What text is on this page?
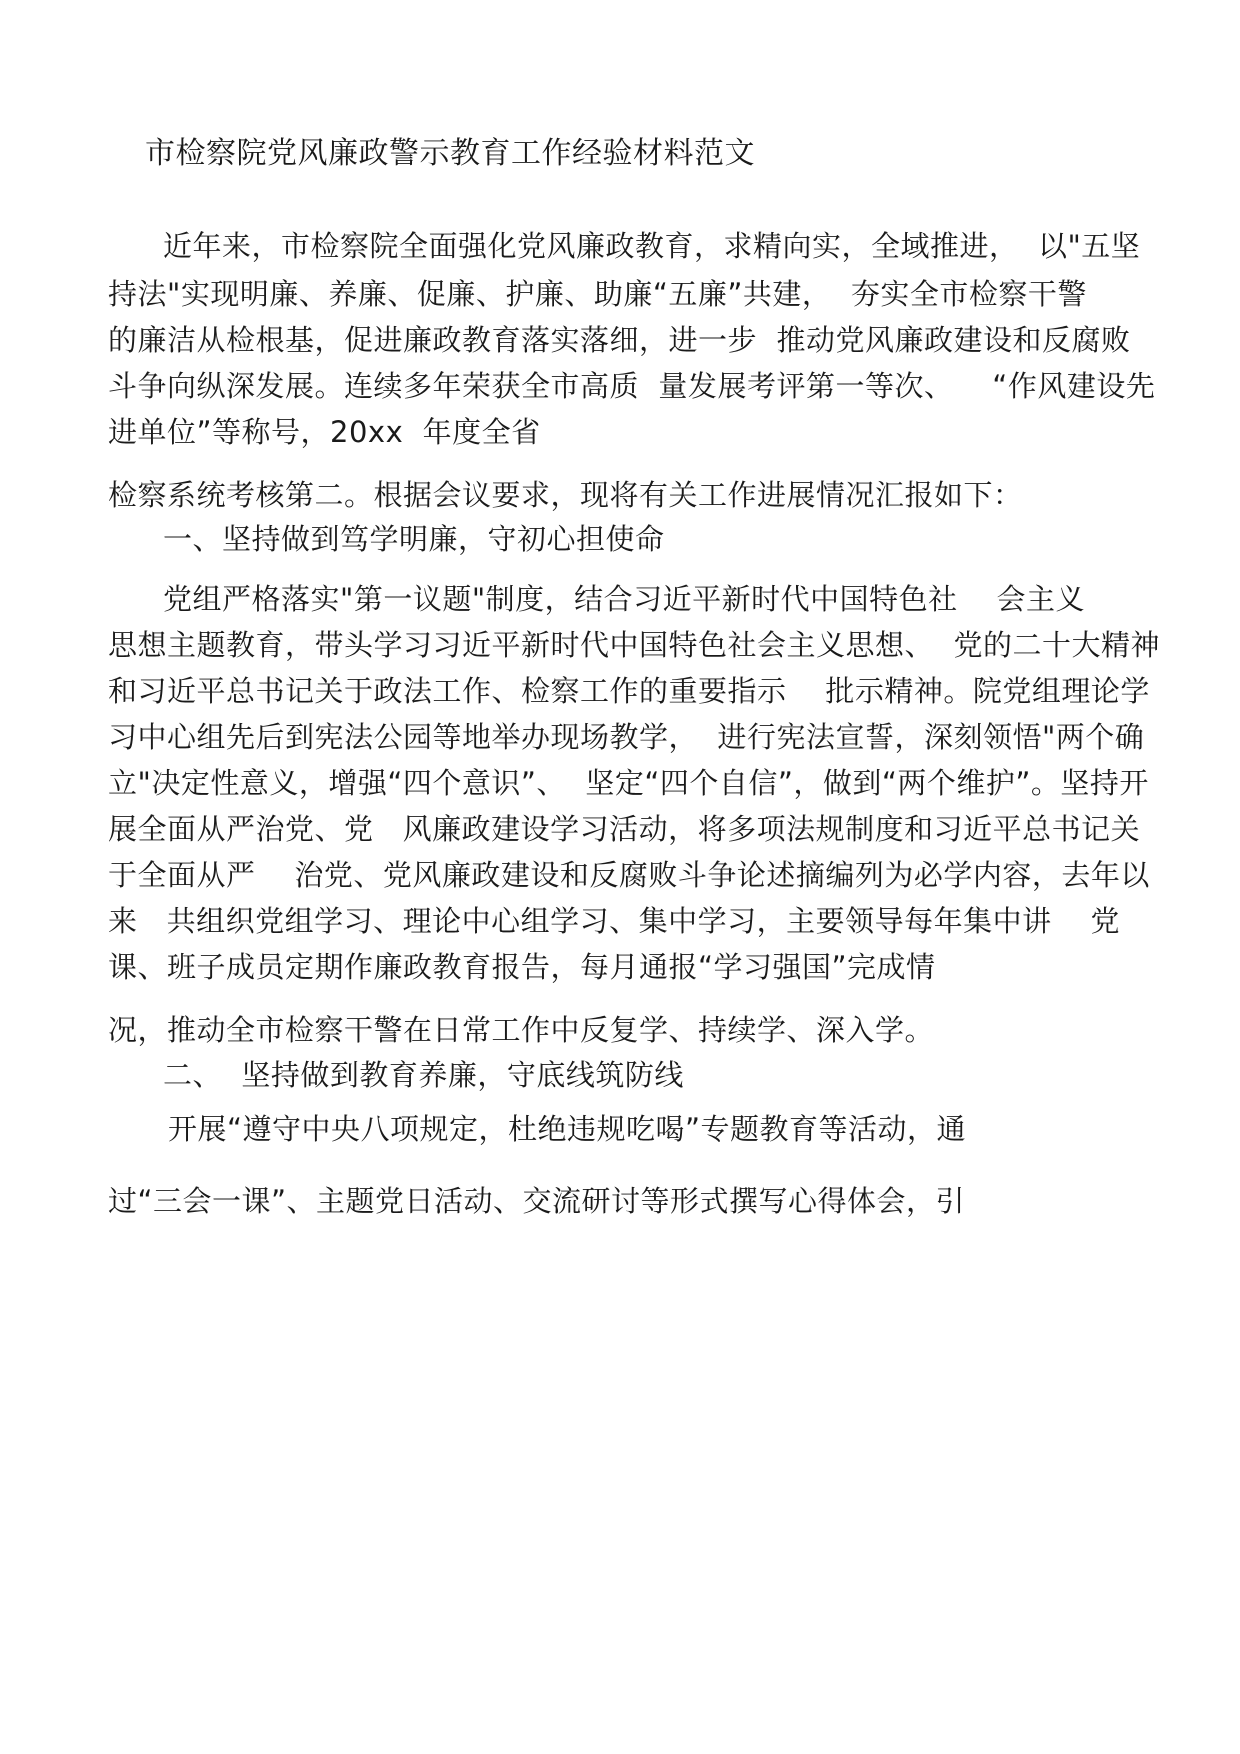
市检察院党风廉政警示教育工作经验材料范文
近年来，市检察院全面强化党风廉政教育，求精向实，全域推进，  以"五坚
持法"实现明廉、养廉、促廉、护廉、助廉“五廉”共建，  夯实全市检察干警
的廉洁从检根基，促进廉政教育落实落细，进一步  推动党风廉政建设和反腐败
斗争向纵深发展。连续多年荣获全市高质  量发展考评第一等次、    “作风建设先
进单位”等称号，20xx  年度全省
检察系统考核第二。根据会议要求，现将有关工作进展情况汇报如下：
一、坚持做到笃学明廉，守初心担使命
党组严格落实"第一议题"制度，结合习近平新时代中国特色社    会主义
思想主题教育，带头学习习近平新时代中国特色社会主义思想、  党的二十大精神
和习近平总书记关于政法工作、检察工作的重要指示    批示精神。院党组理论学
习中心组先后到宪法公园等地举办现场教学，  进行宪法宣誓，深刻领悟"两个确
立"决定性意义，增强“四个意识”、  坚定“四个自信”，做到“两个维护”。坚持开
展全面从严治党、党   风廉政建设学习活动，将多项法规制度和习近平总书记关
于全面从严    治党、党风廉政建设和反腐败斗争论述摘编列为必学内容，去年以
来   共组织党组学习、理论中心组学习、集中学习，主要领导每年集中讲    党
课、班子成员定期作廉政教育报告，每月通报“学习强国”完成情
况，推动全市检察干警在日常工作中反复学、持续学、深入学。
二、  坚持做到教育养廉，守底线筑防线
开展“遵守中央八项规定，杜绝违规吃喝”专题教育等活动，通
过“三会一课”、主题党日活动、交流研讨等形式撰写心得体会，引
